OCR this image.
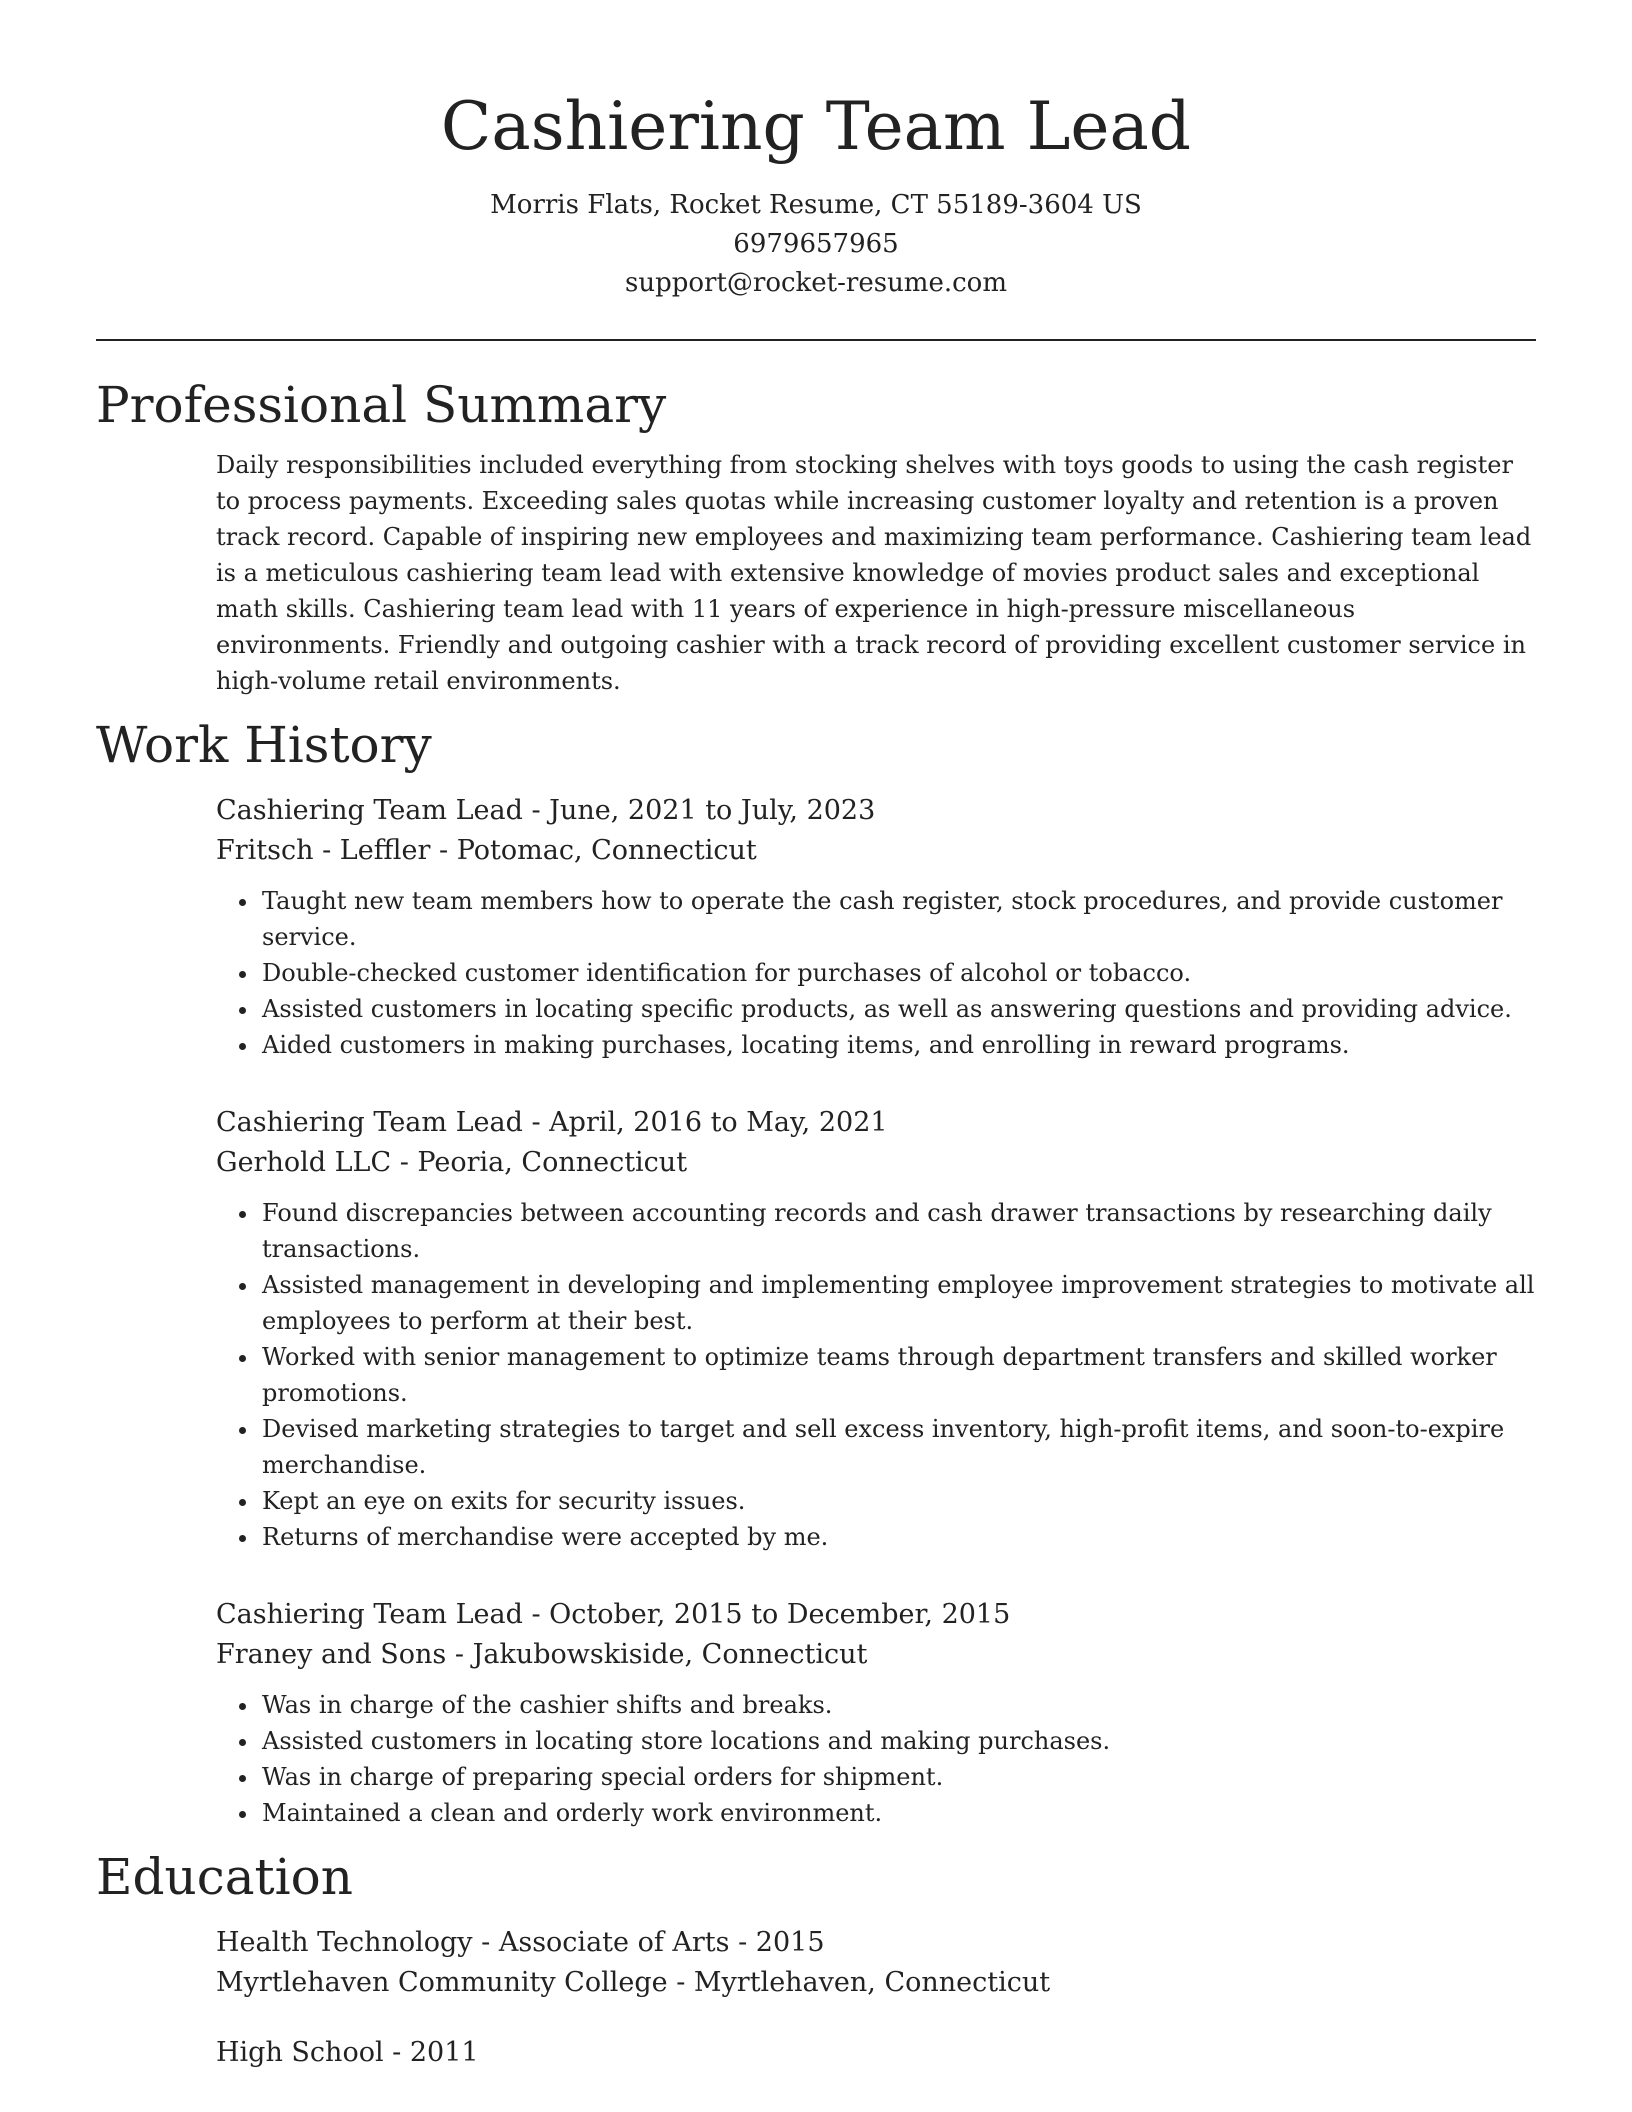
Cashiering Team Lead
Morris Flats, Rocket Resume, CT 55189-3604 US
6979657965
support@rocket-resume.com
Professional Summary

Daily responsibilities included everything from stocking shelves with toys goods to using the cash register to process payments. Exceeding sales quotas while increasing customer loyalty and retention is a proven track record. Capable of inspiring new employees and maximizing team performance. Cashiering team lead is a meticulous cashiering team lead with extensive knowledge of movies product sales and exceptional math skills. Cashiering team lead with 11 years of experience in high-pressure miscellaneous environments. Friendly and outgoing cashier with a track record of providing excellent customer service in high-volume retail environments.

Work History
Cashiering Team Lead - June, 2021 to July, 2023
Fritsch - Leffler - Potomac, Connecticut
• Taught new team members how to operate the cash register, stock procedures, and provide customer service.
• Double-checked customer identification for purchases of alcohol or tobacco.
• Assisted customers in locating specific products, as well as answering questions and providing advice.
• Aided customers in making purchases, locating items, and enrolling in reward programs.
Cashiering Team Lead - April, 2016 to May, 2021
Gerhold LLC - Peoria, Connecticut
• Found discrepancies between accounting records and cash drawer transactions by researching daily transactions.
• Assisted management in developing and implementing employee improvement strategies to motivate all employees to perform at their best.
• Worked with senior management to optimize teams through department transfers and skilled worker promotions.
• Devised marketing strategies to target and sell excess inventory, high-profit items, and soon-to-expire merchandise.
• Kept an eye on exits for security issues.
• Returns of merchandise were accepted by me.
Cashiering Team Lead - October, 2015 to December, 2015
Franey and Sons - Jakubowskiside, Connecticut
• Was in charge of the cashier shifts and breaks.
• Assisted customers in locating store locations and making purchases.
• Was in charge of preparing special orders for shipment.
• Maintained a clean and orderly work environment.
Education
Health Technology - Associate of Arts - 2015
Myrtlehaven Community College - Myrtlehaven, Connecticut
High School - 2011
